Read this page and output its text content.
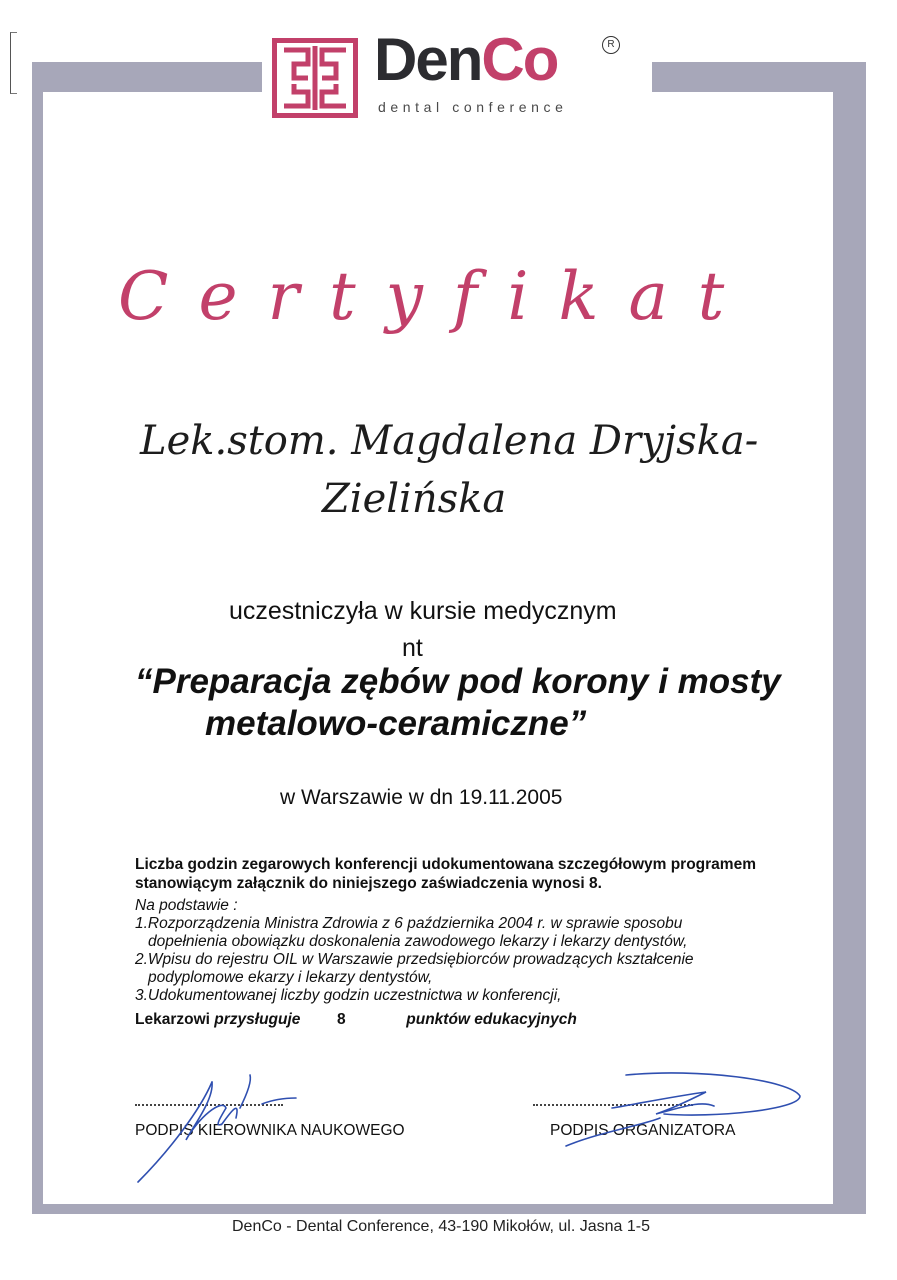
DenCo	R
dental conference
Certyfikat
Lek.stom. Magdalena Dryjska-
Zielińska
uczestniczyła w kursie medycznym
nt
“Preparacja zębów pod korony i mosty
metalowo-ceramiczne”
w Warszawie w dn 19.11.2005
Liczba godzin zegarowych konferencji udokumentowana szczegółowym programem
stanowiącym załącznik do niniejszego zaświadczenia wynosi 8.
Na podstawie :
1.Rozporządzenia Ministra Zdrowia z 6 października 2004 r. w sprawie sposobu
dopełnienia obowiązku doskonalenia zawodowego lekarzy i lekarzy dentystów,
2.Wpisu do rejestru OIL w Warszawie przedsiębiorców prowadzących kształcenie
podyplomowe ekarzy i lekarzy dentystów,
3.Udokumentowanej liczby godzin uczestnictwa w konferencji,
Lekarzowi przysługuje 8	punktów edukacyjnych
PODPIS KIEROWNIKA NAUKOWEGO	PODPIS ORGANIZATORA
DenCo - Dental Conference, 43-190 Mikołów, ul. Jasna 1-5
